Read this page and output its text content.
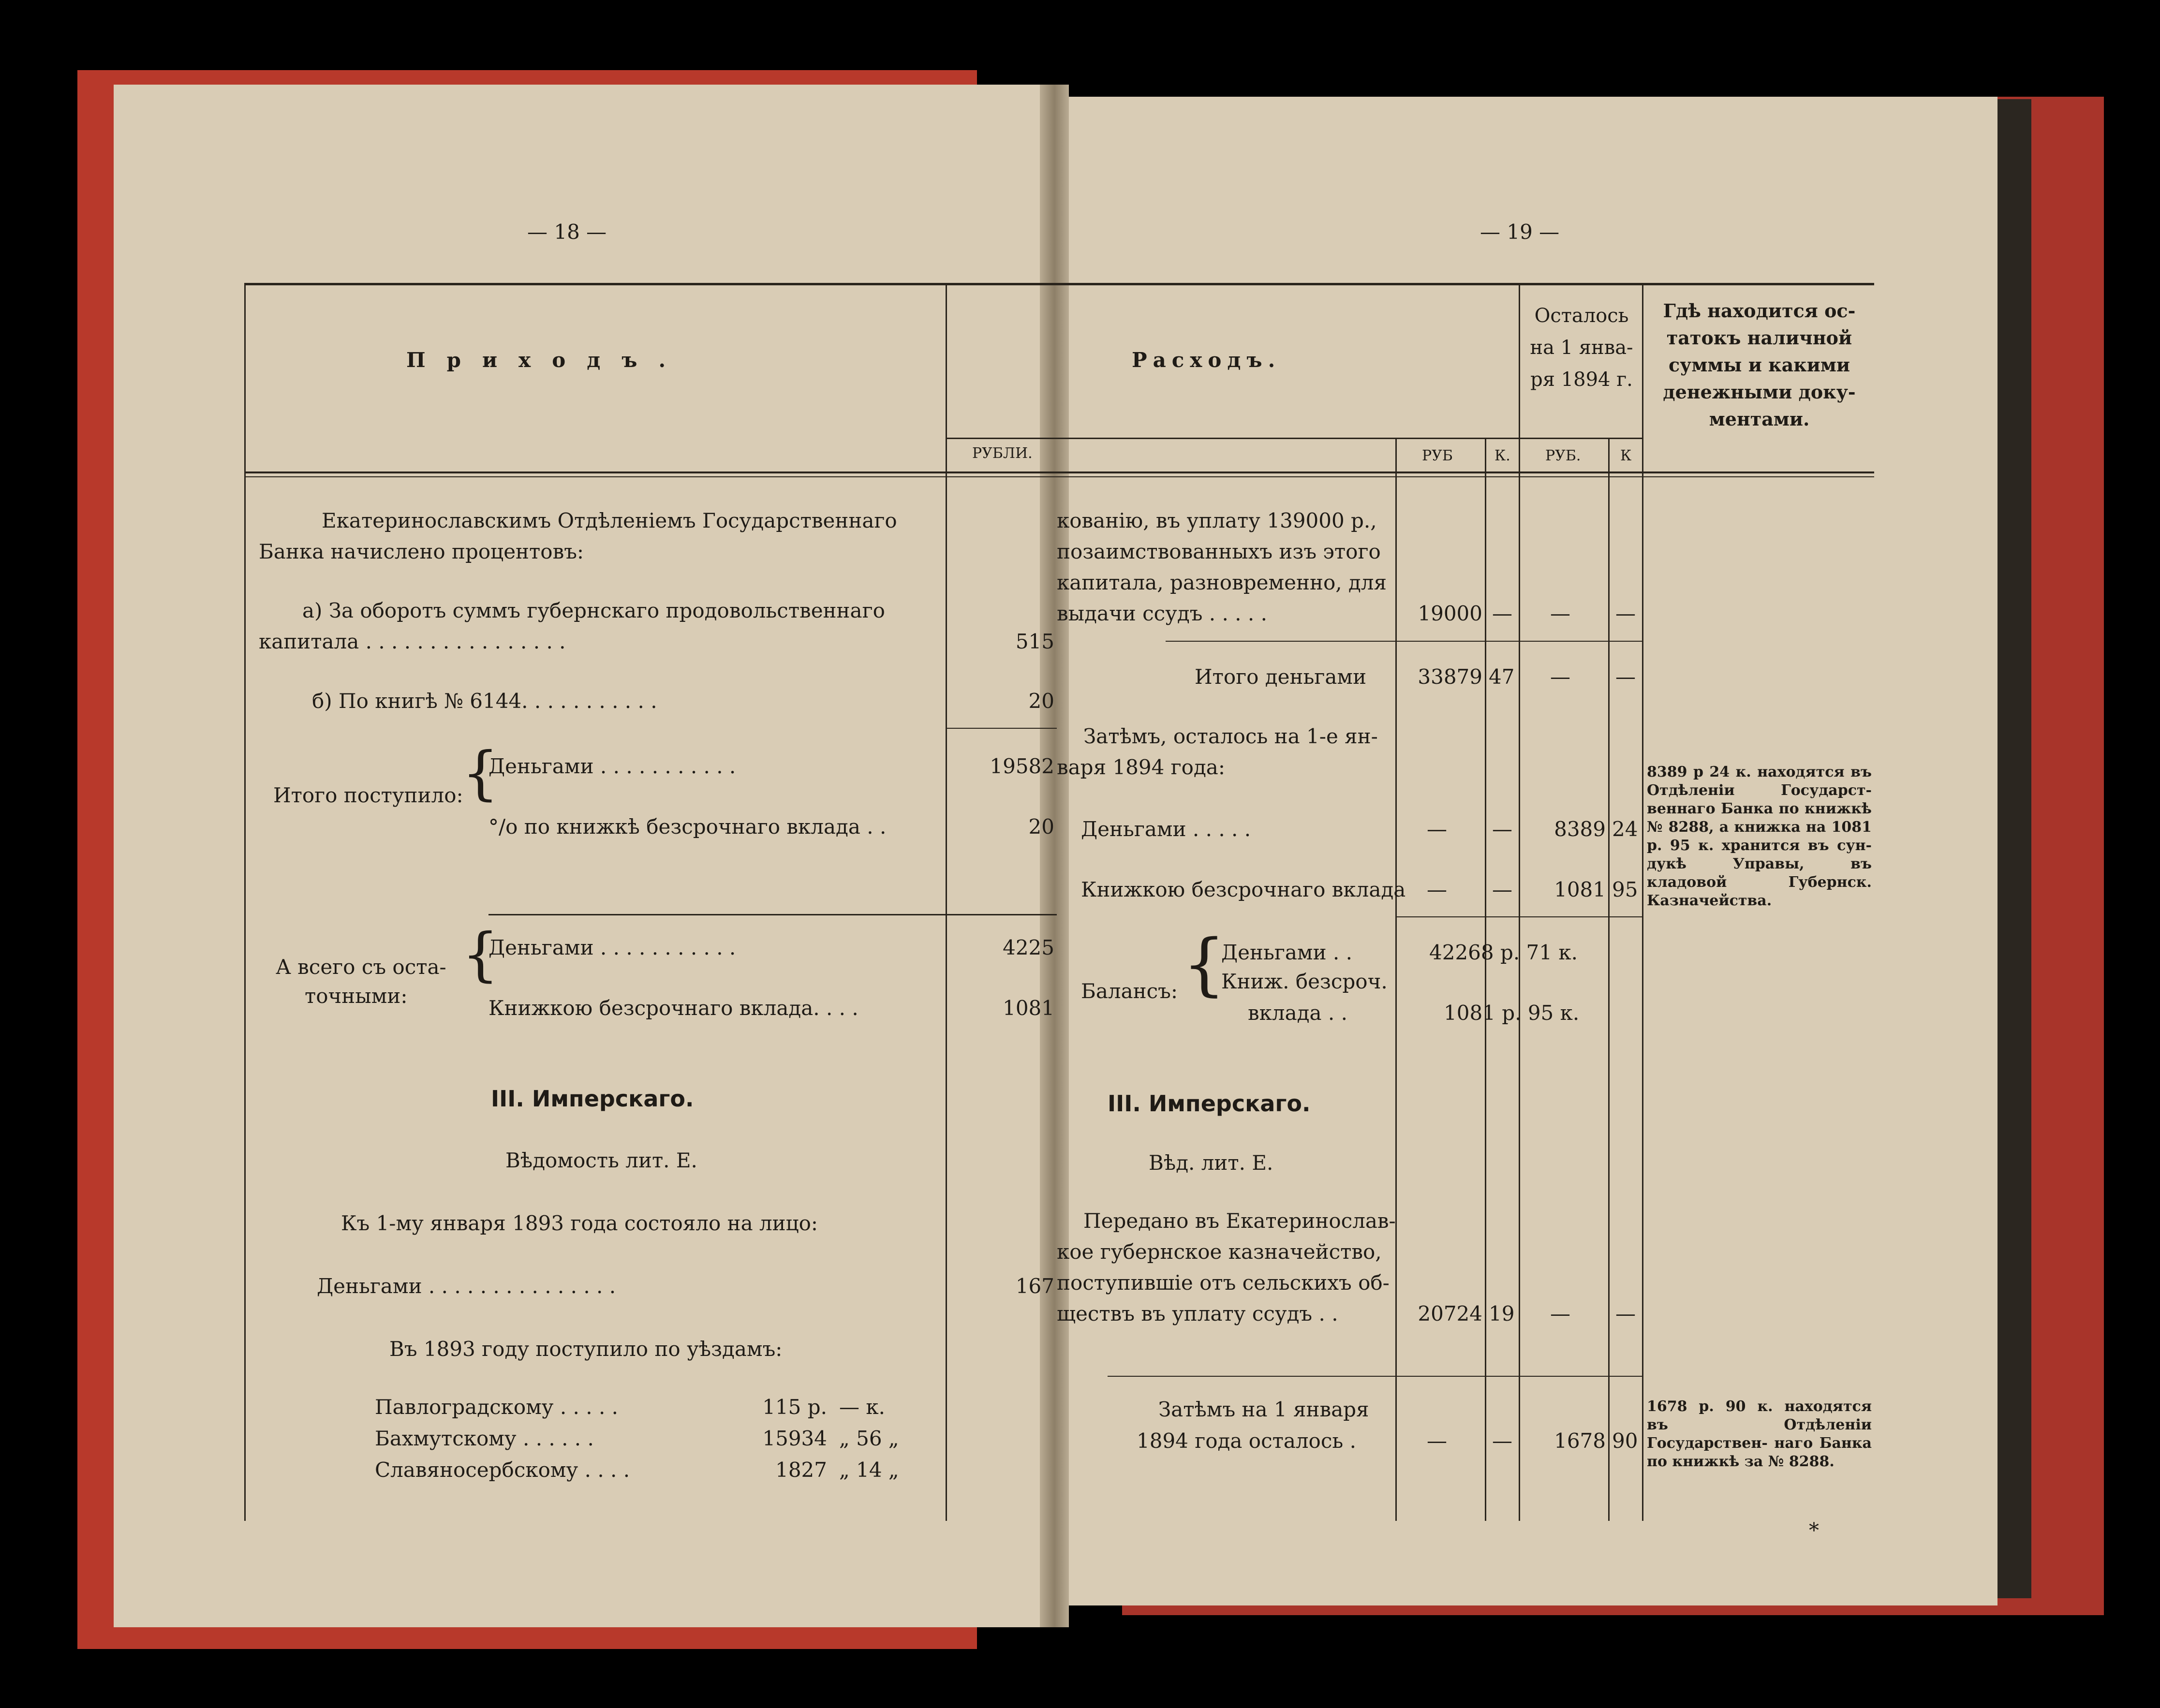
— 18 —
Приходъ.
РУБЛИ.
Екатеринославскимъ Отдѣленіемъ Государственнаго
Банка начислено процентовъ:
а) За оборотъ суммъ губернскаго продовольственнаго
капитала . . . . . . . . . . . . . . . .	515
б) По книгѣ № 6144. . . . . . . . . . .	20
Итого поступило:
{
Деньгами . . . . . . . . . . .	19582
°/o по книжкѣ безсрочнаго вклада . .	20
А всего съ оста-
точными:
{
Деньгами . . . . . . . . . . .	4225
Книжкою безсрочнаго вклада. . . .	1081
III. Имперскаго.
Вѣдомость лит. Е.
Къ 1-му января 1893 года состояло на лицо:
Деньгами . . . . . . . . . . . . . . .	167
Въ 1893 году поступило по уѣздамъ:
Павлоградскому . . . . .	115 р. — к.
Бахмутскому . . . . . .	15934 „ 56 „
Славяносербскому . . . .	1827 „ 14 „
— 19 —
Расходъ.
Осталось на 1 янва- ря 1894 г.
Гдѣ находится ос- татокъ наличной суммы и какими денежными доку- ментами.
РУБ	К. РУБ.	К
кованію, въ уплату 139000 р.,
позаимствованныхъ изъ этого
капитала, разновременно, для
выдачи ссудъ . . . . .	19000 — — —
Итого деньгами	33879 47 — —
Затѣмъ, осталось на 1-е ян-
варя 1894 года:
Деньгами . . . . .	— —	8389 24
Книжкою безсрочнаго вклада — —	1081 95
8389 р 24 к. находятся въ Отдѣленіи Государст- веннаго Банка по книжкѣ № 8288, а книжка на 1081 р. 95 к. хранится въ сун- дукѣ Управы, въ кладовой Губернск. Казначейства.
Балансъ: {
Деньгами . .	42268 р. 71 к.
Книж. безсроч.
вклада . .	1081 р. 95 к.
III. Имперскаго.
Вѣд. лит. Е.
Передано въ Екатеринослав-
кое губернское казначейство,
поступившіе отъ сельскихъ об-
ществъ въ уплату ссудъ . .	20724 19 — —
Затѣмъ на 1 января
1894 года осталось .	— —	1678 90
1678 р. 90 к. находятся въ Отдѣленіи Государствен- наго Банка по книжкѣ за № 8288.
*
